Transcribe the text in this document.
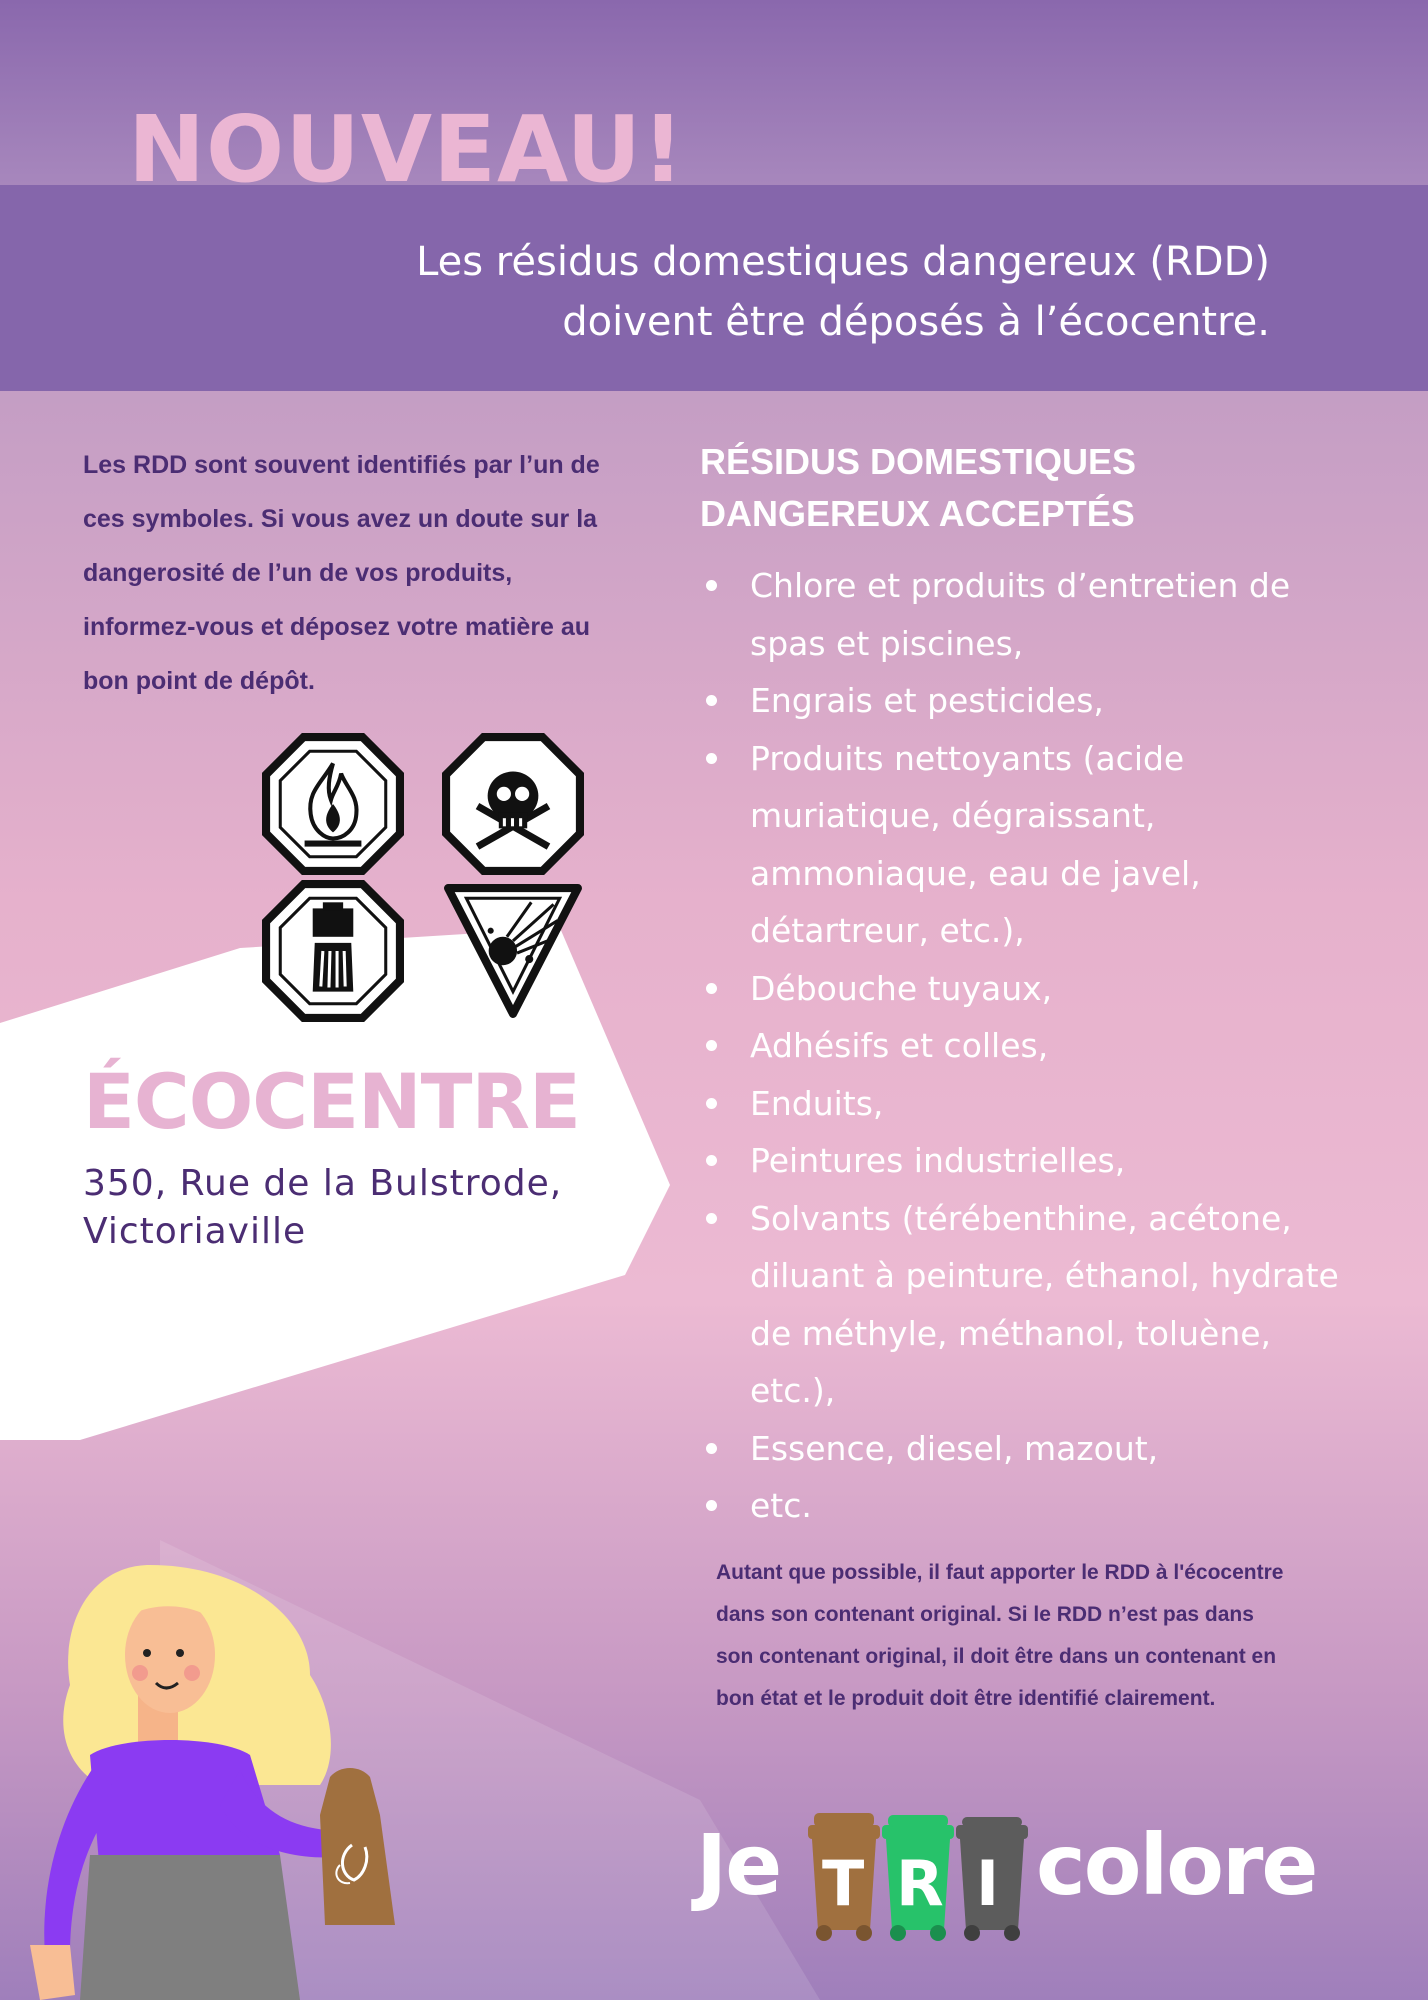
NOUVEAU!
Les résidus domestiques dangereux (RDD)
doivent être déposés à l’écocentre.

Les RDD sont souvent identifiés par l’un de ces symboles. Si vous avez un doute sur la dangerosité de l’un de vos produits, informez-vous et déposez votre matière au bon point de dépôt.

ÉCOCENTRE
350, Rue de la Bulstrode,
Victoriaville
RÉSIDUS DOMESTIQUES DANGEREUX ACCEPTÉS
Chlore et produits d’entretien de spas et piscines,
Engrais et pesticides,
Produits nettoyants (acide muriatique, dégraissant, ammoniaque, eau de javel, détartreur, etc.),
Débouche tuyaux,
Adhésifs et colles,
Enduits,
Peintures industrielles,
Solvants (térébenthine, acétone, diluant à peinture, éthanol, hydrate de méthyle, méthanol, toluène, etc.),
Essence, diesel, mazout,
etc.
Autant que possible, il faut apporter le RDD à l'écocentre dans son contenant original. Si le RDD n’est pas dans son contenant original, il doit être dans un contenant en bon état et le produit doit être identifié clairement.
Je T R I colore
